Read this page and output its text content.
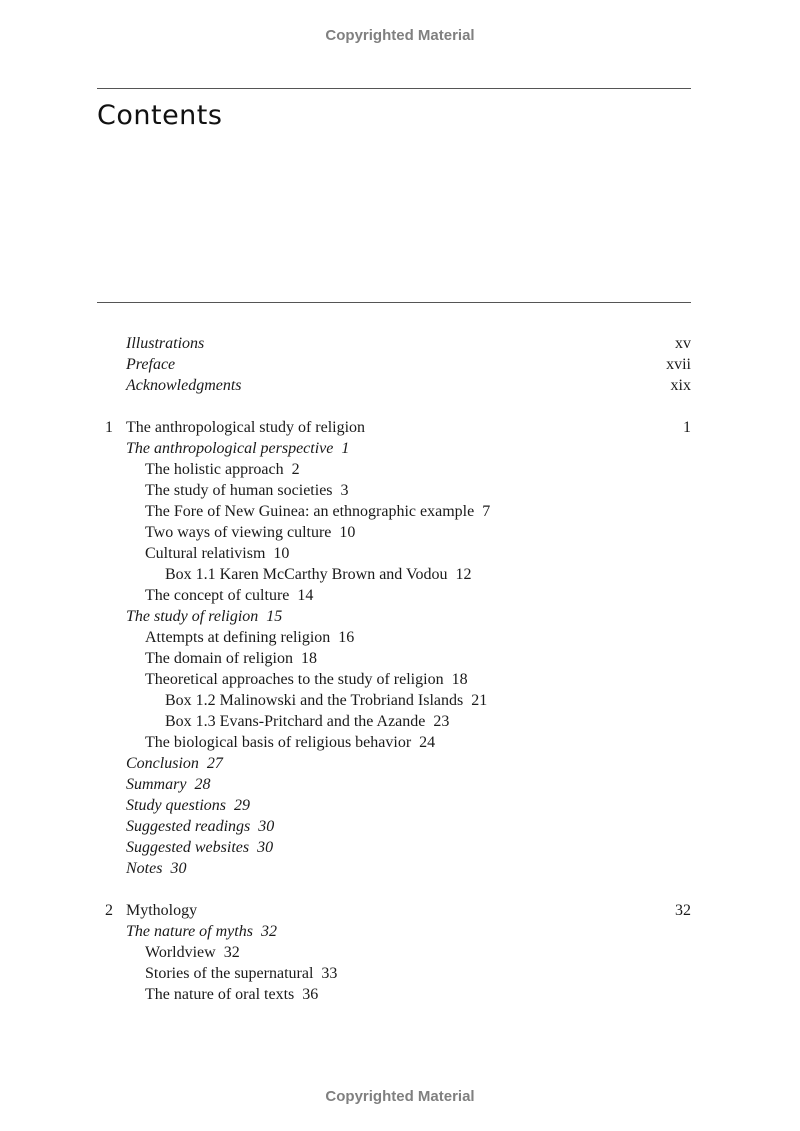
Copyrighted Material
Contents
Illustrations	xv
Preface	xvii
Acknowledgments	xix
1 The anthropological study of religion	1
The anthropological perspective 1
The holistic approach 2
The study of human societies 3
The Fore of New Guinea: an ethnographic example 7
Two ways of viewing culture 10
Cultural relativism 10
Box 1.1 Karen McCarthy Brown and Vodou 12
The concept of culture 14
The study of religion 15
Attempts at defining religion 16
The domain of religion 18
Theoretical approaches to the study of religion 18
Box 1.2 Malinowski and the Trobriand Islands 21
Box 1.3 Evans-Pritchard and the Azande 23
The biological basis of religious behavior 24
Conclusion 27
Summary 28
Study questions 29
Suggested readings 30
Suggested websites 30
Notes 30
2 Mythology	32
The nature of myths 32
Worldview 32
Stories of the supernatural 33
The nature of oral texts 36
Copyrighted Material
